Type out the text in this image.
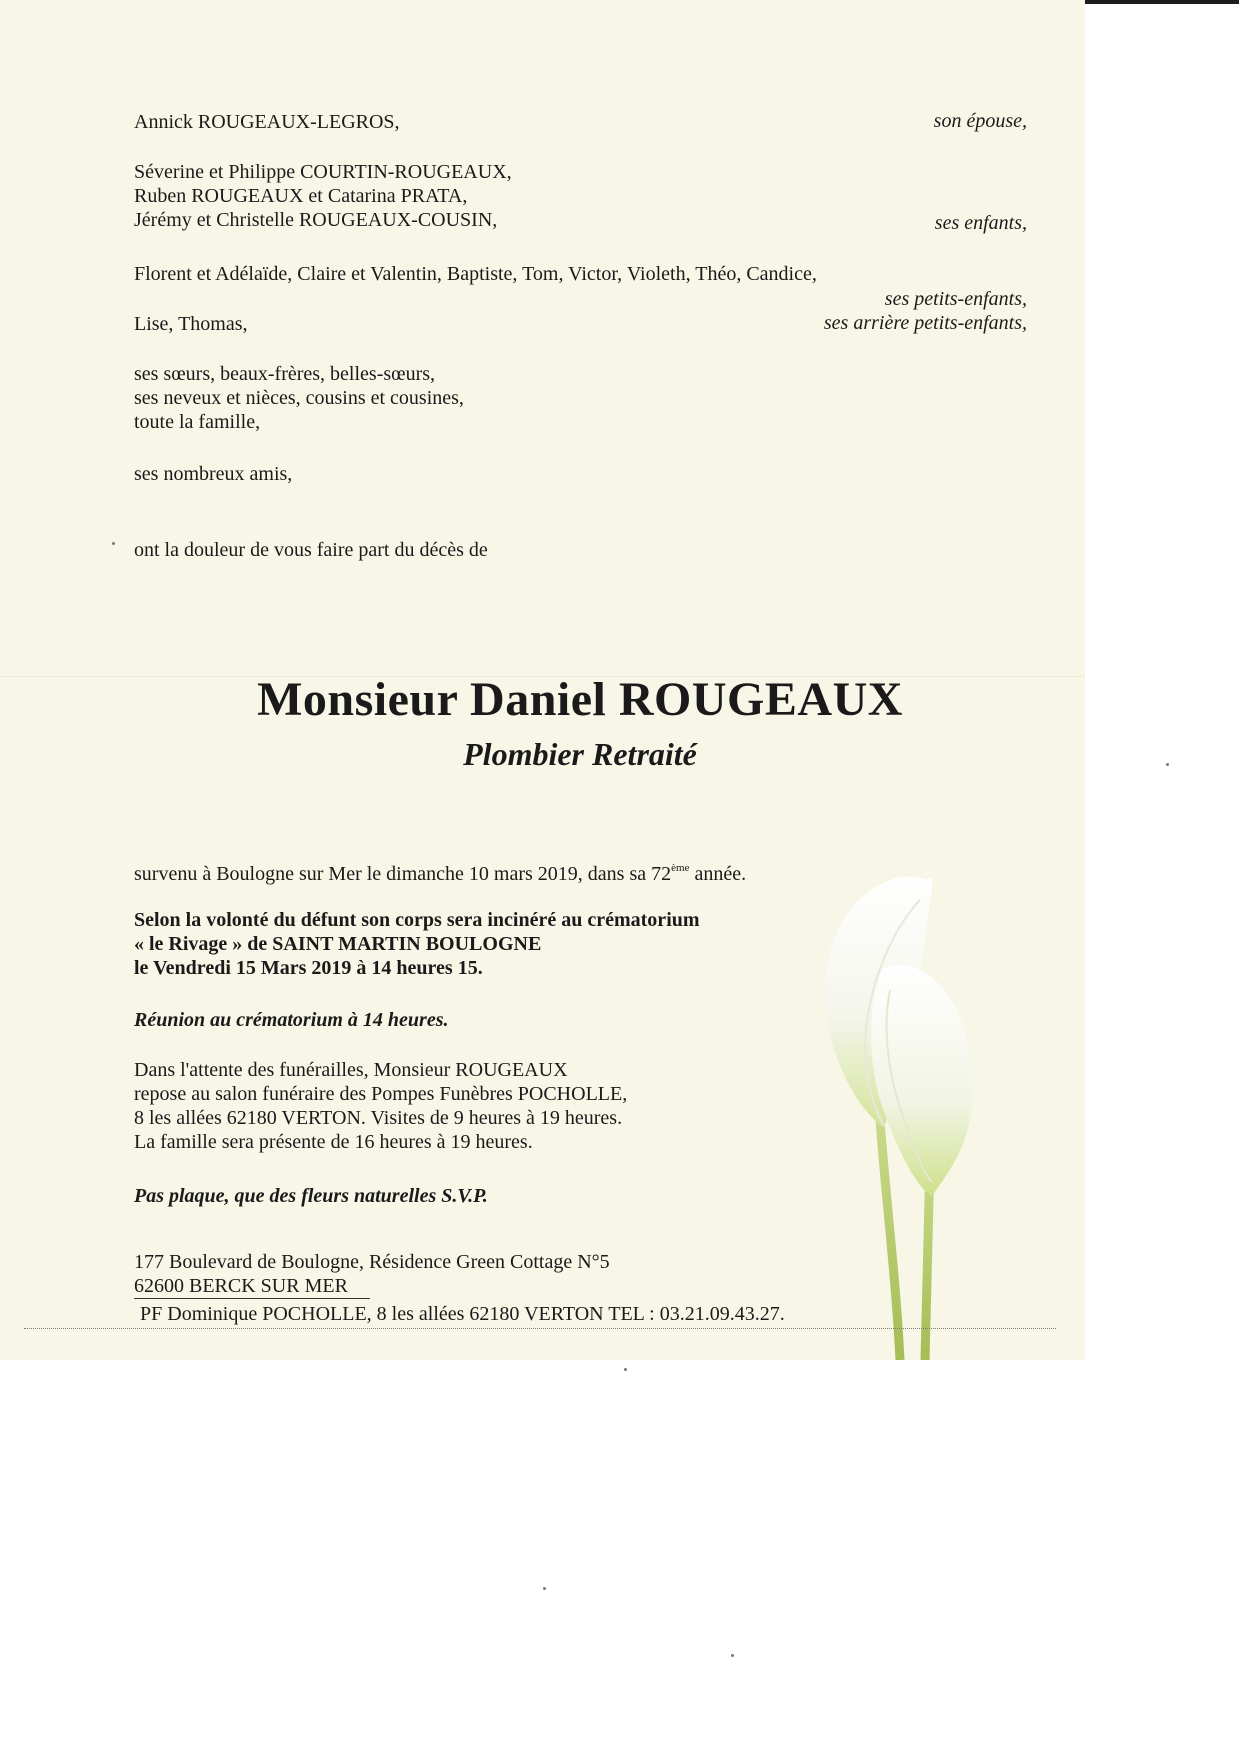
Annick ROUGEAUX-LEGROS,	son épouse,
Séverine et Philippe COURTIN-ROUGEAUX,
Ruben ROUGEAUX et Catarina PRATA,
Jérémy et Christelle ROUGEAUX-COUSIN,	ses enfants,
Florent et Adélaïde, Claire et Valentin, Baptiste, Tom, Victor, Violeth, Théo, Candice,
ses petits-enfants,
Lise, Thomas,	ses arrière petits-enfants,
ses sœurs, beaux-frères, belles-sœurs,
ses neveux et nièces, cousins et cousines,
toute la famille,
ses nombreux amis,
ont la douleur de vous faire part du décès de
Monsieur Daniel ROUGEAUX
Plombier Retraité
survenu à Boulogne sur Mer le dimanche 10 mars 2019, dans sa 72ème année.
Selon la volonté du défunt son corps sera incinéré au crématorium
« le Rivage » de SAINT MARTIN BOULOGNE
le Vendredi 15 Mars 2019 à 14 heures 15.
Réunion au crématorium à 14 heures.
Dans l'attente des funérailles, Monsieur ROUGEAUX
repose au salon funéraire des Pompes Funèbres POCHOLLE,
8 les allées 62180 VERTON. Visites de 9 heures à 19 heures.
La famille sera présente de 16 heures à 19 heures.
Pas plaque, que des fleurs naturelles S.V.P.
177 Boulevard de Boulogne, Résidence Green Cottage N°5
62600 BERCK SUR MER
PF Dominique POCHOLLE, 8 les allées 62180 VERTON TEL : 03.21.09.43.27.
